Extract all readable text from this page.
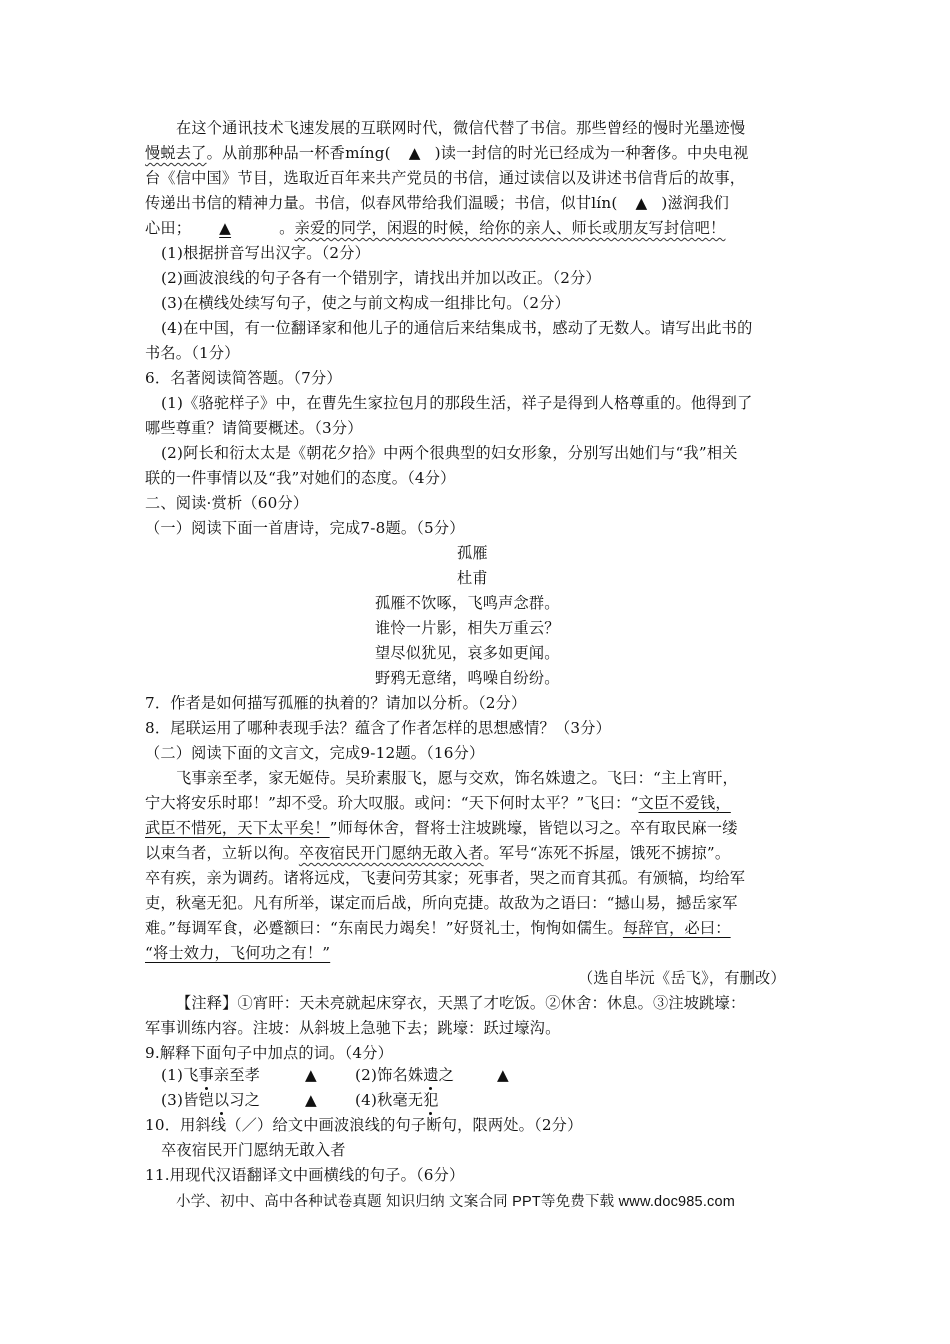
在这个通讯技术飞速发展的互联网时代，微信代替了书信。那些曾经的慢时光墨迹慢
慢蜕去了。从前那种品一杯香míng( ▲ )读一封信的时光已经成为一种奢侈。中央电视
台《信中国》节目，选取近百年来共产党员的书信，通过读信以及讲述书信背后的故事，
传递出书信的精神力量。书信，似春风带给我们温暖；书信，似甘lín( ▲ )滋润我们
心田； ▲	。亲爱的同学，闲遐的时候，给你的亲人、师长或朋友写封信吧！
(1)根据拼音写出汉字。（2分）
(2)画波浪线的句子各有一个错别字，请找出并加以改正。（2分）
(3)在横线处续写句子，使之与前文构成一组排比句。（2分）
(4)在中国，有一位翻译家和他儿子的通信后来结集成书，感动了无数人。请写出此书的
书名。（1分）
6．名著阅读简答题。（7分）
(1)《骆驼样子》中，在曹先生家拉包月的那段生活，祥子是得到人格尊重的。他得到了
哪些尊重？请简要概述。（3分）
(2)阿长和衍太太是《朝花夕拾》中两个很典型的妇女形象，分别写出她们与“我”相关
联的一件事情以及“我”对她们的态度。（4分）
二、阅读·赏析（60分）
（一）阅读下面一首唐诗，完成7-8题。（5分）
孤雁
杜甫
孤雁不饮啄，飞鸣声念群。
谁怜一片影，相失万重云？
望尽似犹见，哀多如更闻。
野鸦无意绪，鸣噪自纷纷。
7．作者是如何描写孤雁的执着的？请加以分析。（2分）
8．尾联运用了哪种表现手法？蕴含了作者怎样的思想感情？（3分）
（二）阅读下面的文言文，完成9-12题。（16分）
飞事亲至孝，家无姬侍。吴玠素服飞，愿与交欢，饰名姝遗之。飞曰：“主上宵旰，
宁大将安乐时耶！”却不受。玠大叹服。或问：“天下何时太平？”飞曰：“文臣不爱钱，
武臣不惜死，天下太平矣！”师每休舍，督将士注坡跳壕，皆铠以习之。卒有取民麻一缕
以束刍者，立斩以徇。卒夜宿民开门愿纳无敢入者。军号“冻死不拆屋，饿死不掳掠”。
卒有疾，亲为调药。诸将远戍，飞妻问劳其家；死事者，哭之而育其孤。有颁犒，均给军
吏，秋毫无犯。凡有所举，谋定而后战，所向克捷。故敌为之语曰：“撼山易，撼岳家军
难。”每调军食，必蹙额曰：“东南民力竭矣！”好贤礼士，恂恂如儒生。每辞官，必曰：
“将士效力，飞何功之有！”
（选自毕沅《岳飞》，有删改）
【注释】①宵旰：天未亮就起床穿衣，天黑了才吃饭。②休舍：休息。③注坡跳壕：
军事训练内容。注坡：从斜坡上急驰下去；跳壕：跃过壕沟。
9.解释下面句子中加点的词。（4分）
(1)飞事亲至孝	▲	(2)饰名姝遗之	▲
(3)皆铠以习之	▲	(4)秋毫无犯
10．用斜线（／）给文中画波浪线的句子断句，限两处。（2分）
卒夜宿民开门愿纳无敢入者
11.用现代汉语翻译文中画横线的句子。（6分）
小学、初中、高中各种试卷真题 知识归纳 文案合同 PPT等免费下载 www.doc985.com
